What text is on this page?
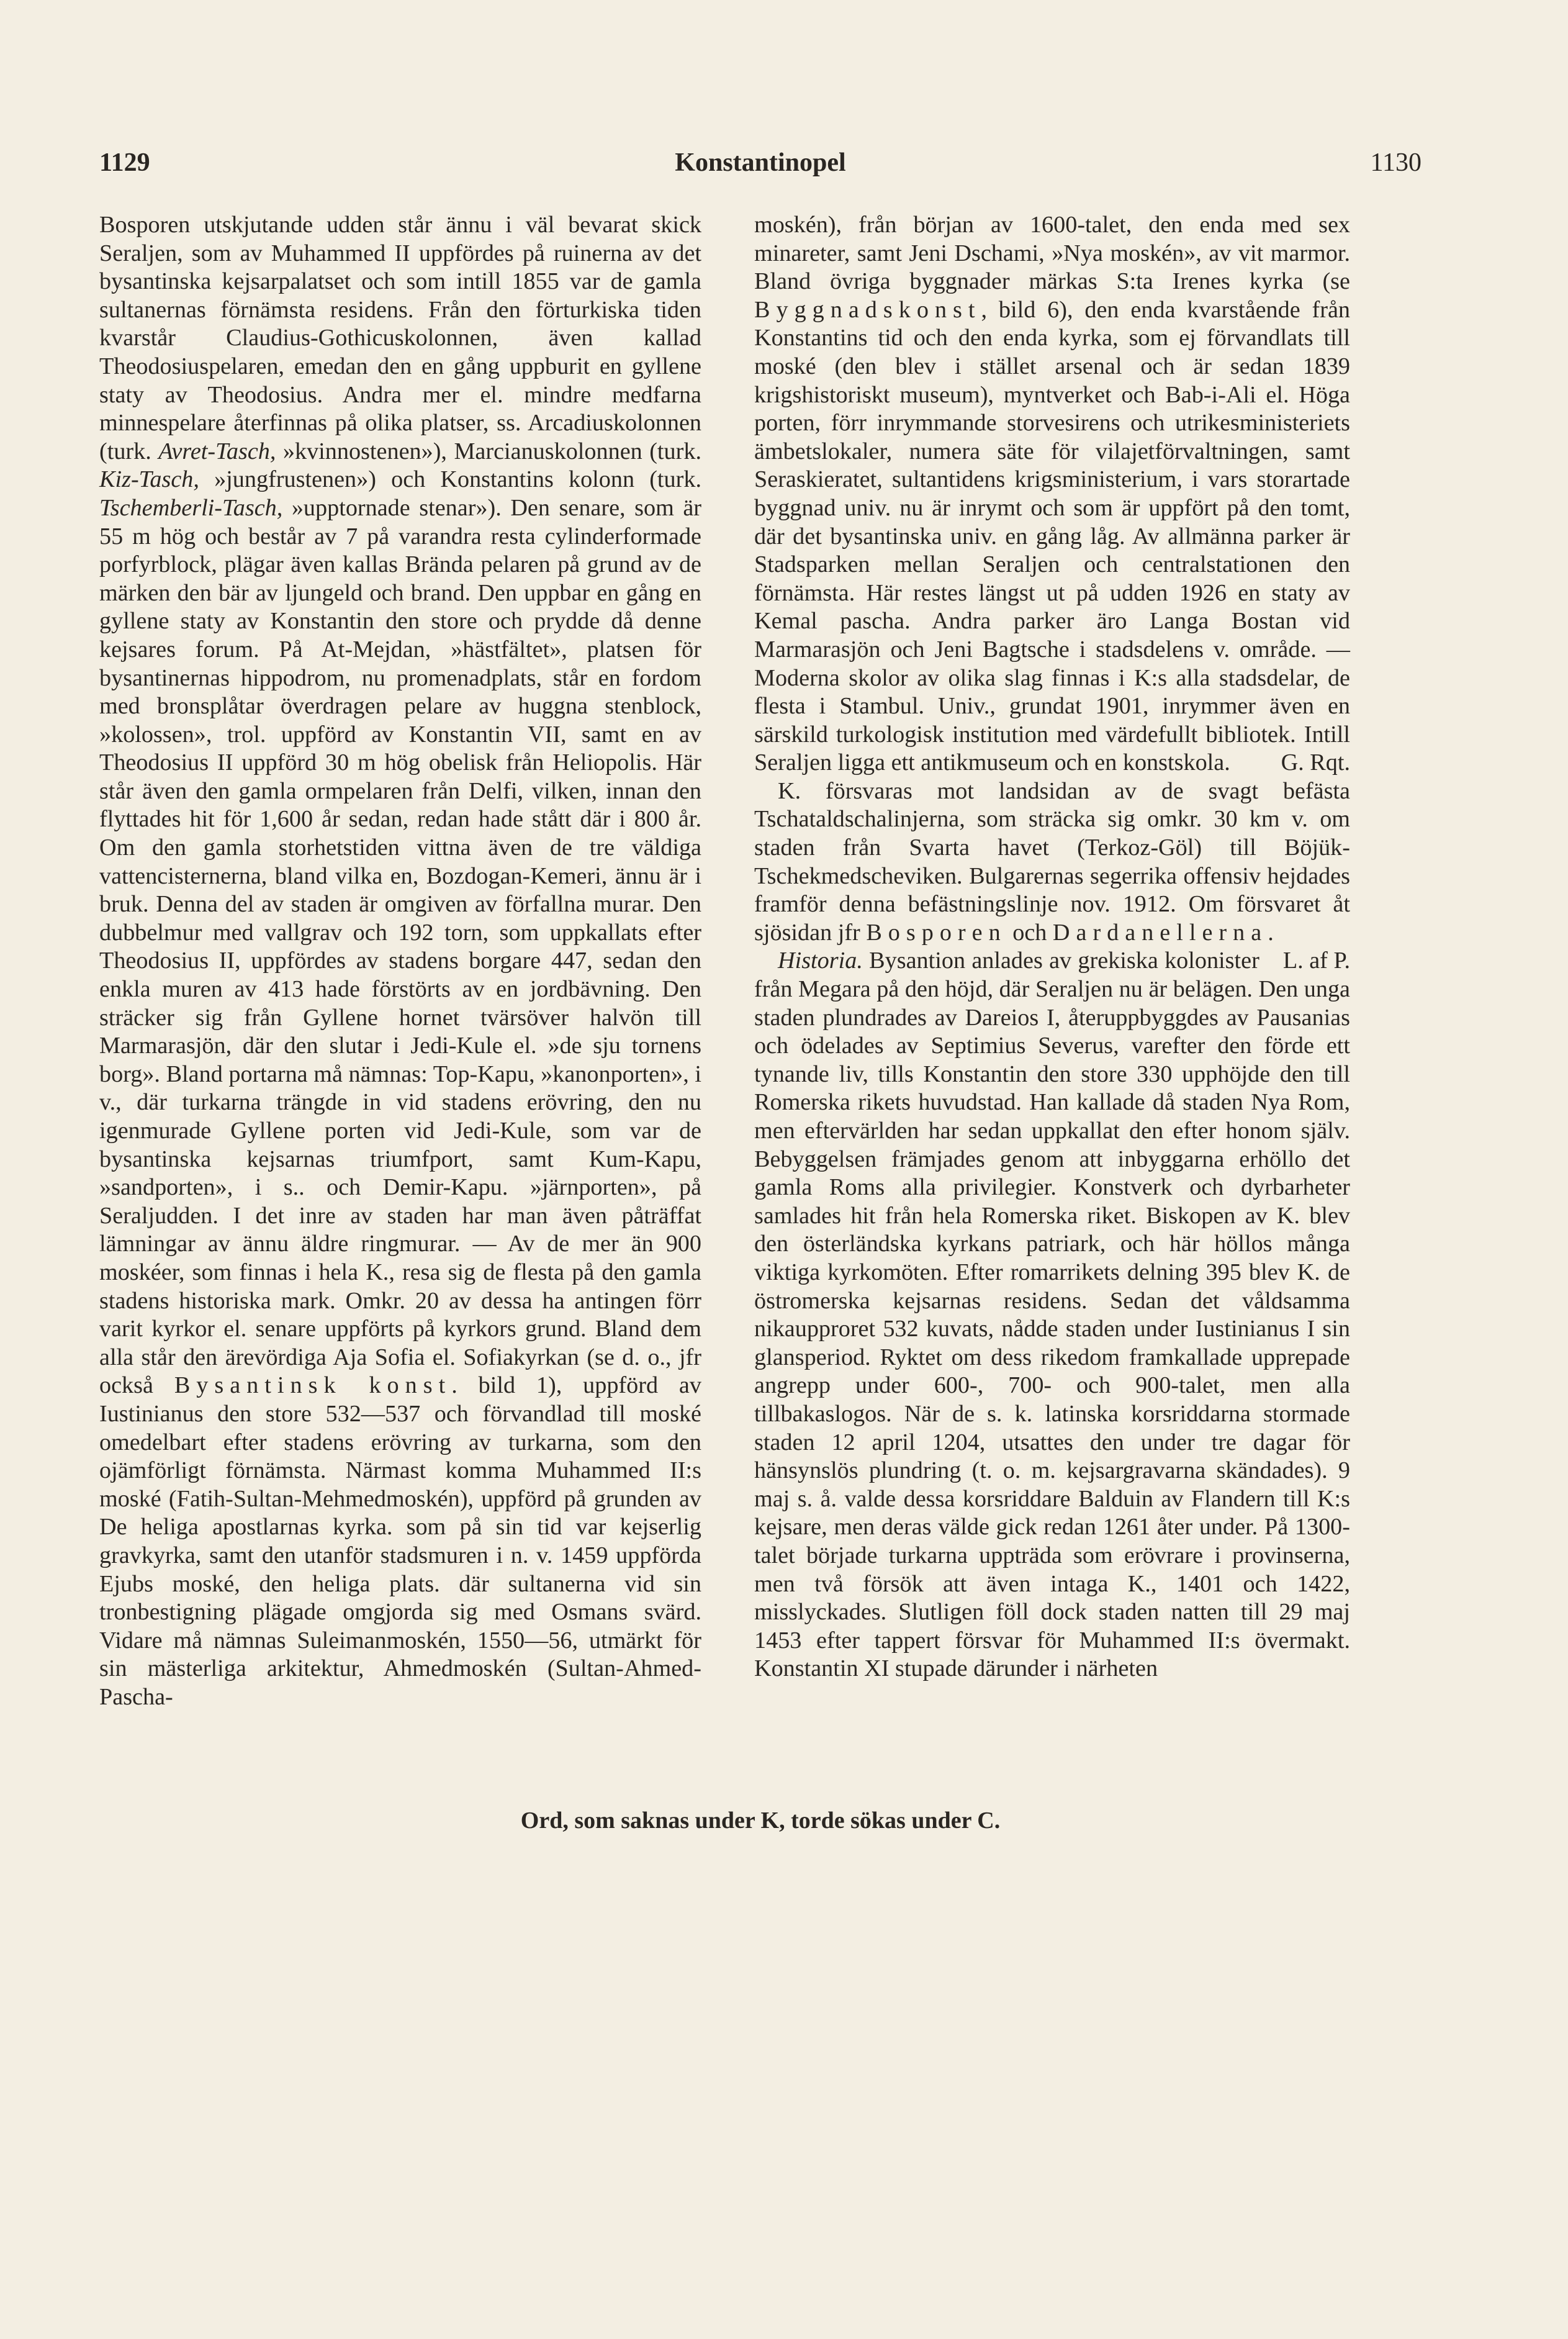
1129	Konstantinopel	1130

Bosporen utskjutande udden står ännu i väl bevarat skick Seraljen, som av Muhammed II uppfördes på ruinerna av det bysantinska kejsarpalatset och som intill 1855 var de gamla sultanernas förnämsta residens. Från den förturkiska tiden kvarstår Claudius-Gothicuskolonnen, även kallad Theodosiuspelaren, emedan den en gång uppburit en gyllene staty av Theodosius. Andra mer el. mindre medfarna minnespelare återfinnas på olika platser, ss. Arcadiuskolonnen (turk. Avret-Tasch, »kvinnostenen»), Marcianuskolonnen (turk. Kiz-Tasch, »jungfrustenen») och Konstantins kolonn (turk. Tschemberli-Tasch, »upptornade stenar»). Den senare, som är 55 m hög och består av 7 på varandra resta cylinderformade porfyrblock, plägar även kallas Brända pelaren på grund av de märken den bär av ljungeld och brand. Den uppbar en gång en gyllene staty av Konstantin den store och prydde då denne kejsares forum. På At-Mejdan, »hästfältet», platsen för bysantinernas hippodrom, nu promenadplats, står en fordom med bronsplåtar överdragen pelare av huggna stenblock, »kolossen», trol. uppförd av Konstantin VII, samt en av Theodosius II uppförd 30 m hög obelisk från Heliopolis. Här står även den gamla ormpelaren från Delfi, vilken, innan den flyttades hit för 1,600 år sedan, redan hade stått där i 800 år. Om den gamla storhetstiden vittna även de tre väldiga vattencisternerna, bland vilka en, Bozdogan-Kemeri, ännu är i bruk. Denna del av staden är omgiven av förfallna murar. Den dubbelmur med vallgrav och 192 torn, som uppkallats efter Theodosius II, uppfördes av stadens borgare 447, sedan den enkla muren av 413 hade förstörts av en jordbävning. Den sträcker sig från Gyllene hornet tvärsöver halvön till Marmarasjön, där den slutar i Jedi-Kule el. »de sju tornens borg». Bland portarna må nämnas: Top-Kapu, »kanonporten», i v., där turkarna trängde in vid stadens erövring, den nu igenmurade Gyllene porten vid Jedi-Kule, som var de bysantinska kejsarnas triumfport, samt Kum-Kapu, »sandporten», i s.. och Demir-Kapu. »järnporten», på Seraljudden. I det inre av staden har man även påträffat lämningar av ännu äldre ringmurar. — Av de mer än 900 moskéer, som finnas i hela K., resa sig de flesta på den gamla stadens historiska mark. Omkr. 20 av dessa ha antingen förr varit kyrkor el. senare uppförts på kyrkors grund. Bland dem alla står den ärevördiga Aja Sofia el. Sofiakyrkan (se d. o., jfr också Bysantinsk konst. bild 1), uppförd av Iustinianus den store 532—537 och förvandlad till moské omedelbart efter stadens erövring av turkarna, som den ojämförligt förnämsta. Närmast komma Muhammed II:s moské (Fatih-Sultan-Mehmedmoskén), uppförd på grunden av De heliga apostlarnas kyrka. som på sin tid var kejserlig gravkyrka, samt den utanför stadsmuren i n. v. 1459 uppförda Ejubs moské, den heliga plats. där sultanerna vid sin tronbestigning plägade omgjorda sig med Osmans svärd. Vidare må nämnas Suleimanmoskén, 1550—56, utmärkt för sin mästerliga arkitektur, Ahmedmoskén (Sultan-Ahmed-Pascha-

moskén), från början av 1600-talet, den enda med sex minareter, samt Jeni Dschami, »Nya moskén», av vit marmor. Bland övriga byggnader märkas S:ta Irenes kyrka (se Byggnadskonst, bild 6), den enda kvarstående från Konstantins tid och den enda kyrka, som ej förvandlats till moské (den blev i stället arsenal och är sedan 1839 krigshistoriskt museum), myntverket och Bab-i-Ali el. Höga porten, förr inrymmande storvesirens och utrikesministeriets ämbetslokaler, numera säte för vilajetförvaltningen, samt Seraskieratet, sultantidens krigsministerium, i vars storartade byggnad univ. nu är inrymt och som är uppfört på den tomt, där det bysantinska univ. en gång låg. Av allmänna parker är Stadsparken mellan Seraljen och centralstationen den förnämsta. Här restes längst ut på udden 1926 en staty av Kemal pascha. Andra parker äro Langa Bostan vid Marmarasjön och Jeni Bagtsche i stadsdelens v. område. — Moderna skolor av olika slag finnas i K:s alla stadsdelar, de flesta i Stambul. Univ., grundat 1901, inrymmer även en särskild turkologisk institution med värdefullt bibliotek. Intill Seraljen ligga ett antikmuseum och en konstskola. G. Rqt.

K. försvaras mot landsidan av de svagt befästa Tschataldschalinjerna, som sträcka sig omkr. 30 km v. om staden från Svarta havet (Terkoz-Göl) till Böjük-Tschekmedscheviken. Bulgarernas segerrika offensiv hejdades framför denna befästningslinje nov. 1912. Om försvaret åt sjösidan jfr Bosporen och Dardanellerna.
L. af P.

Historia. Bysantion anlades av grekiska kolonister från Megara på den höjd, där Seraljen nu är belägen. Den unga staden plundrades av Dareios I, återuppbyggdes av Pausanias och ödelades av Septimius Severus, varefter den förde ett tynande liv, tills Konstantin den store 330 upphöjde den till Romerska rikets huvudstad. Han kallade då staden Nya Rom, men eftervärlden har sedan uppkallat den efter honom själv. Bebyggelsen främjades genom att inbyggarna erhöllo det gamla Roms alla privilegier. Konstverk och dyrbarheter samlades hit från hela Romerska riket. Biskopen av K. blev den österländska kyrkans patriark, och här höllos många viktiga kyrkomöten. Efter romarrikets delning 395 blev K. de östromerska kejsarnas residens. Sedan det våldsamma nikaupproret 532 kuvats, nådde staden under Iustinianus I sin glansperiod. Ryktet om dess rikedom framkallade upprepade angrepp under 600-, 700- och 900-talet, men alla tillbakaslogos. När de s. k. latinska korsriddarna stormade staden 12 april 1204, utsattes den under tre dagar för hänsynslös plundring (t. o. m. kejsargravarna skändades). 9 maj s. å. valde dessa korsriddare Balduin av Flandern till K:s kejsare, men deras välde gick redan 1261 åter under. På 1300-talet började turkarna uppträda som erövrare i provinserna, men två försök att även intaga K., 1401 och 1422, misslyckades. Slutligen föll dock staden natten till 29 maj 1453 efter tappert försvar för Muhammed II:s övermakt. Konstantin XI stupade därunder i närheten

Ord, som saknas under K, torde sökas under C.
